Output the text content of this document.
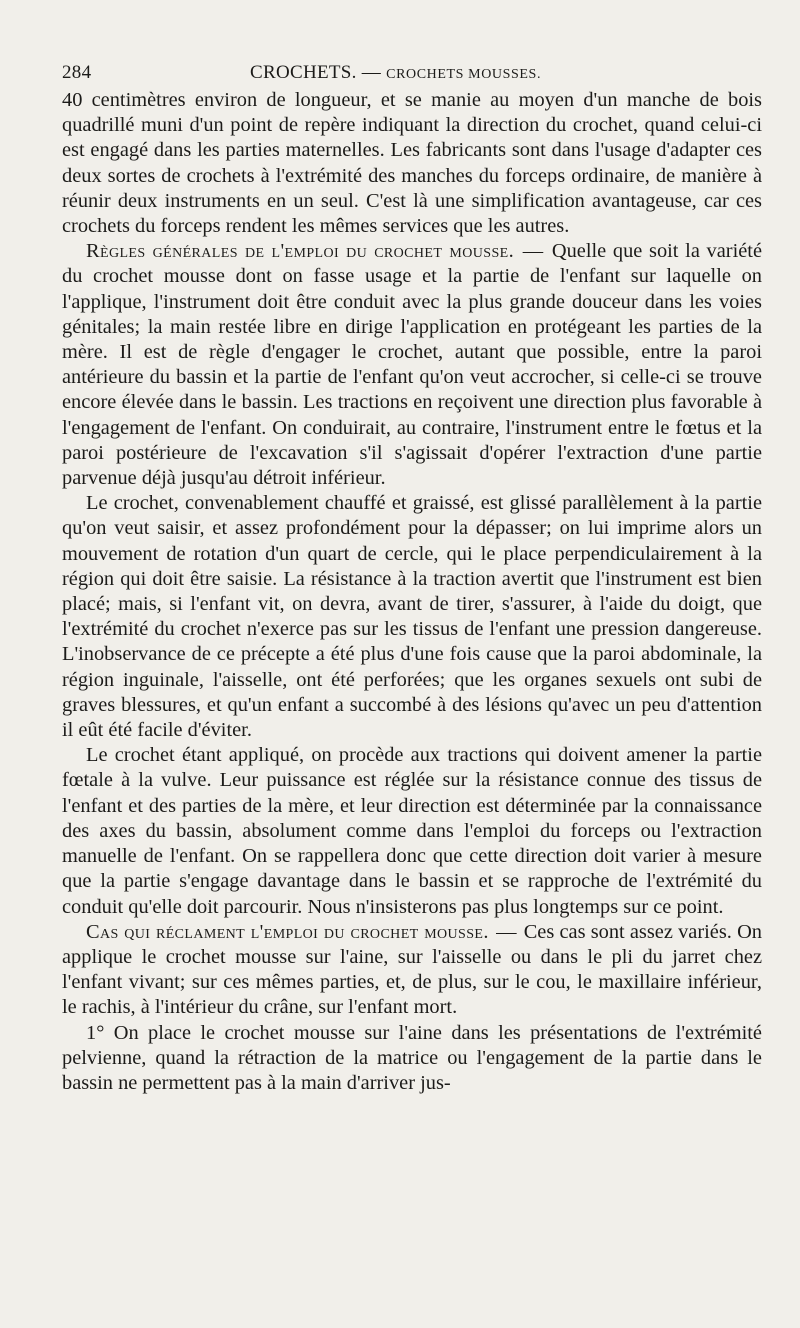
284	CROCHETS. — CROCHETS MOUSSES.

40 centimètres environ de longueur, et se manie au moyen d'un manche de bois quadrillé muni d'un point de repère indiquant la direction du crochet, quand celui-ci est engagé dans les parties maternelles. Les fabricants sont dans l'usage d'adapter ces deux sortes de crochets à l'extrémité des manches du forceps ordinaire, de manière à réunir deux instruments en un seul. C'est là une simplification avantageuse, car ces crochets du forceps rendent les mêmes services que les autres.

Règles générales de l'emploi du crochet mousse. — Quelle que soit la variété du crochet mousse dont on fasse usage et la partie de l'enfant sur laquelle on l'applique, l'instrument doit être conduit avec la plus grande douceur dans les voies génitales; la main restée libre en dirige l'application en protégeant les parties de la mère. Il est de règle d'engager le crochet, autant que possible, entre la paroi antérieure du bassin et la partie de l'enfant qu'on veut accrocher, si celle-ci se trouve encore élevée dans le bassin. Les tractions en reçoivent une direction plus favorable à l'engagement de l'enfant. On conduirait, au contraire, l'instrument entre le fœtus et la paroi postérieure de l'excavation s'il s'agissait d'opérer l'extraction d'une partie parvenue déjà jusqu'au détroit inférieur.

Le crochet, convenablement chauffé et graissé, est glissé parallèlement à la partie qu'on veut saisir, et assez profondément pour la dépasser; on lui imprime alors un mouvement de rotation d'un quart de cercle, qui le place perpendiculairement à la région qui doit être saisie. La résistance à la traction avertit que l'instrument est bien placé; mais, si l'enfant vit, on devra, avant de tirer, s'assurer, à l'aide du doigt, que l'extrémité du crochet n'exerce pas sur les tissus de l'enfant une pression dangereuse. L'inobservance de ce précepte a été plus d'une fois cause que la paroi abdominale, la région inguinale, l'aisselle, ont été perforées; que les organes sexuels ont subi de graves blessures, et qu'un enfant a succombé à des lésions qu'avec un peu d'attention il eût été facile d'éviter.

Le crochet étant appliqué, on procède aux tractions qui doivent amener la partie fœtale à la vulve. Leur puissance est réglée sur la résistance connue des tissus de l'enfant et des parties de la mère, et leur direction est déterminée par la connaissance des axes du bassin, absolument comme dans l'emploi du forceps ou l'extraction manuelle de l'enfant. On se rappellera donc que cette direction doit varier à mesure que la partie s'engage davantage dans le bassin et se rapproche de l'extrémité du conduit qu'elle doit parcourir. Nous n'insisterons pas plus longtemps sur ce point.

Cas qui réclament l'emploi du crochet mousse. — Ces cas sont assez variés. On applique le crochet mousse sur l'aine, sur l'aisselle ou dans le pli du jarret chez l'enfant vivant; sur ces mêmes parties, et, de plus, sur le cou, le maxillaire inférieur, le rachis, à l'intérieur du crâne, sur l'enfant mort.

1° On place le crochet mousse sur l'aine dans les présentations de l'extrémité pelvienne, quand la rétraction de la matrice ou l'engagement de la partie dans le bassin ne permettent pas à la main d'arriver jus-
